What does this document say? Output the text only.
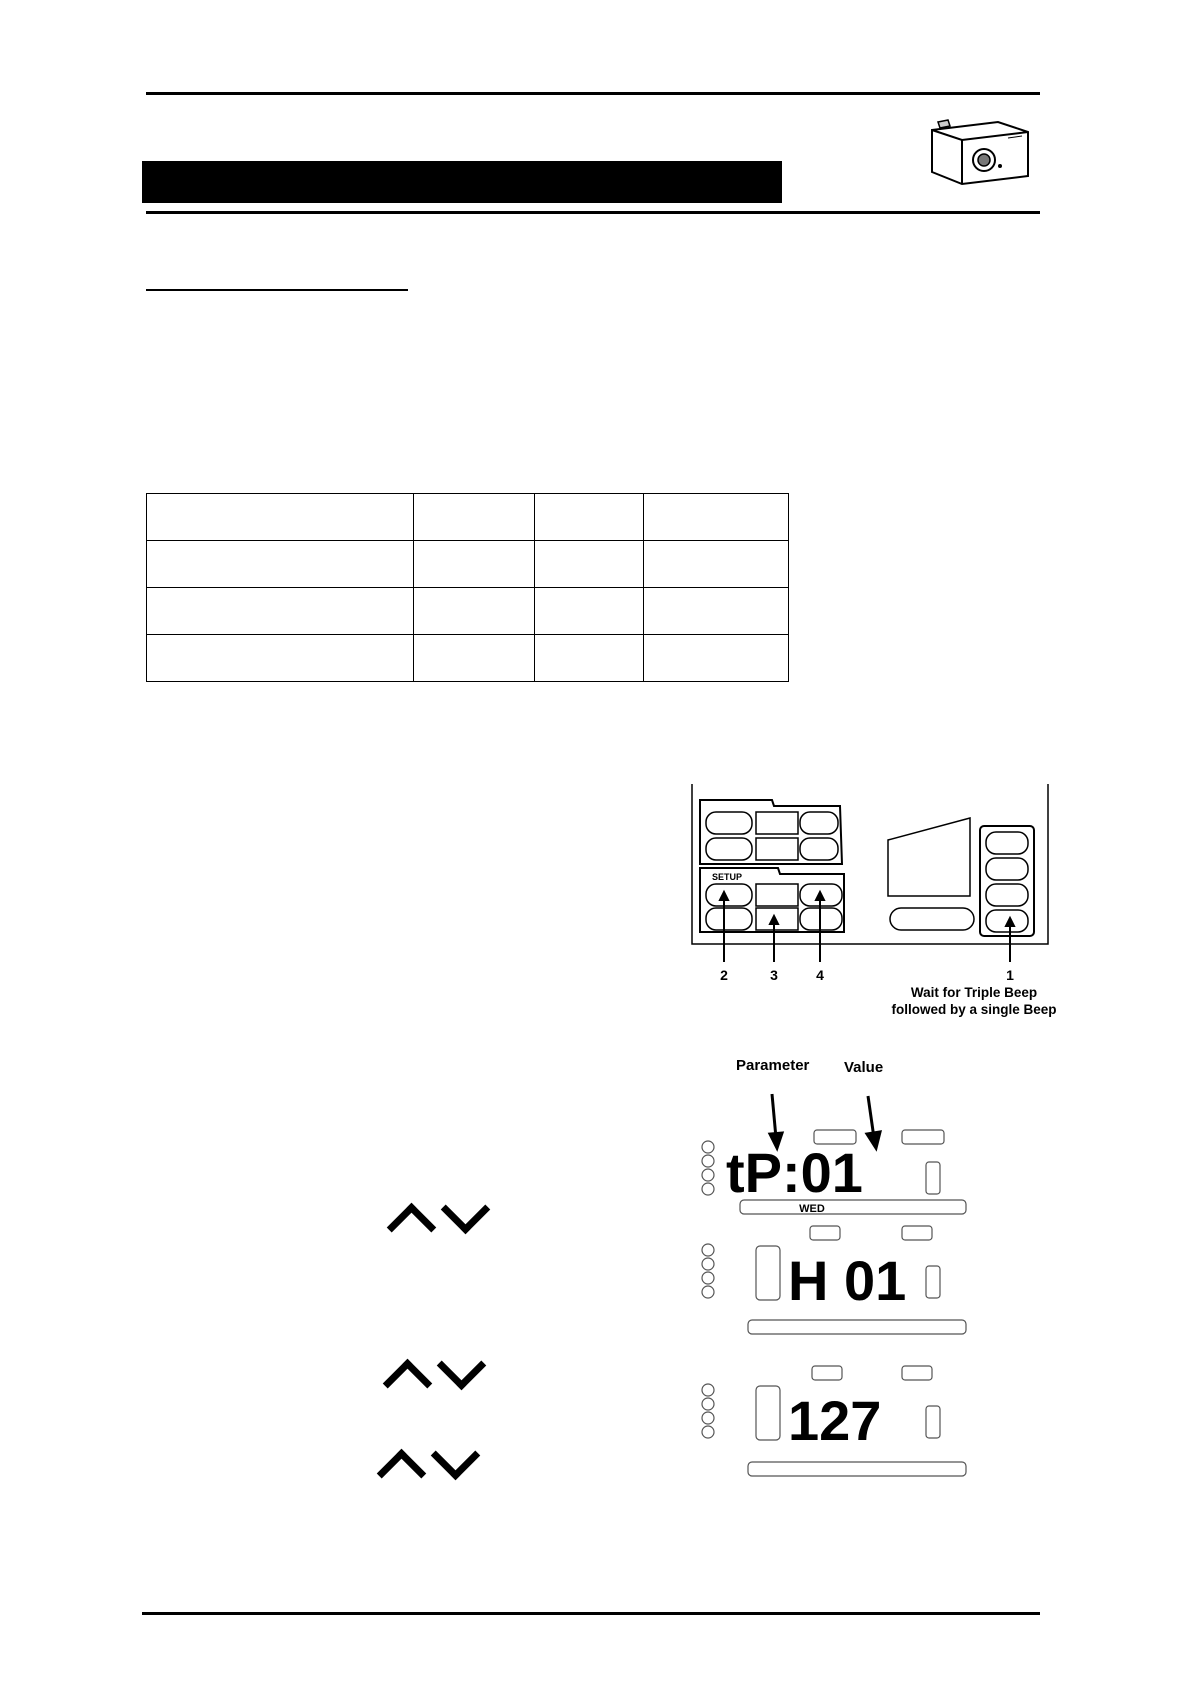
SETUP
2	3	4	1
Wait for Triple Beep
followed by a single Beep
Parameter Value
tP:01
WED
H 01
127
